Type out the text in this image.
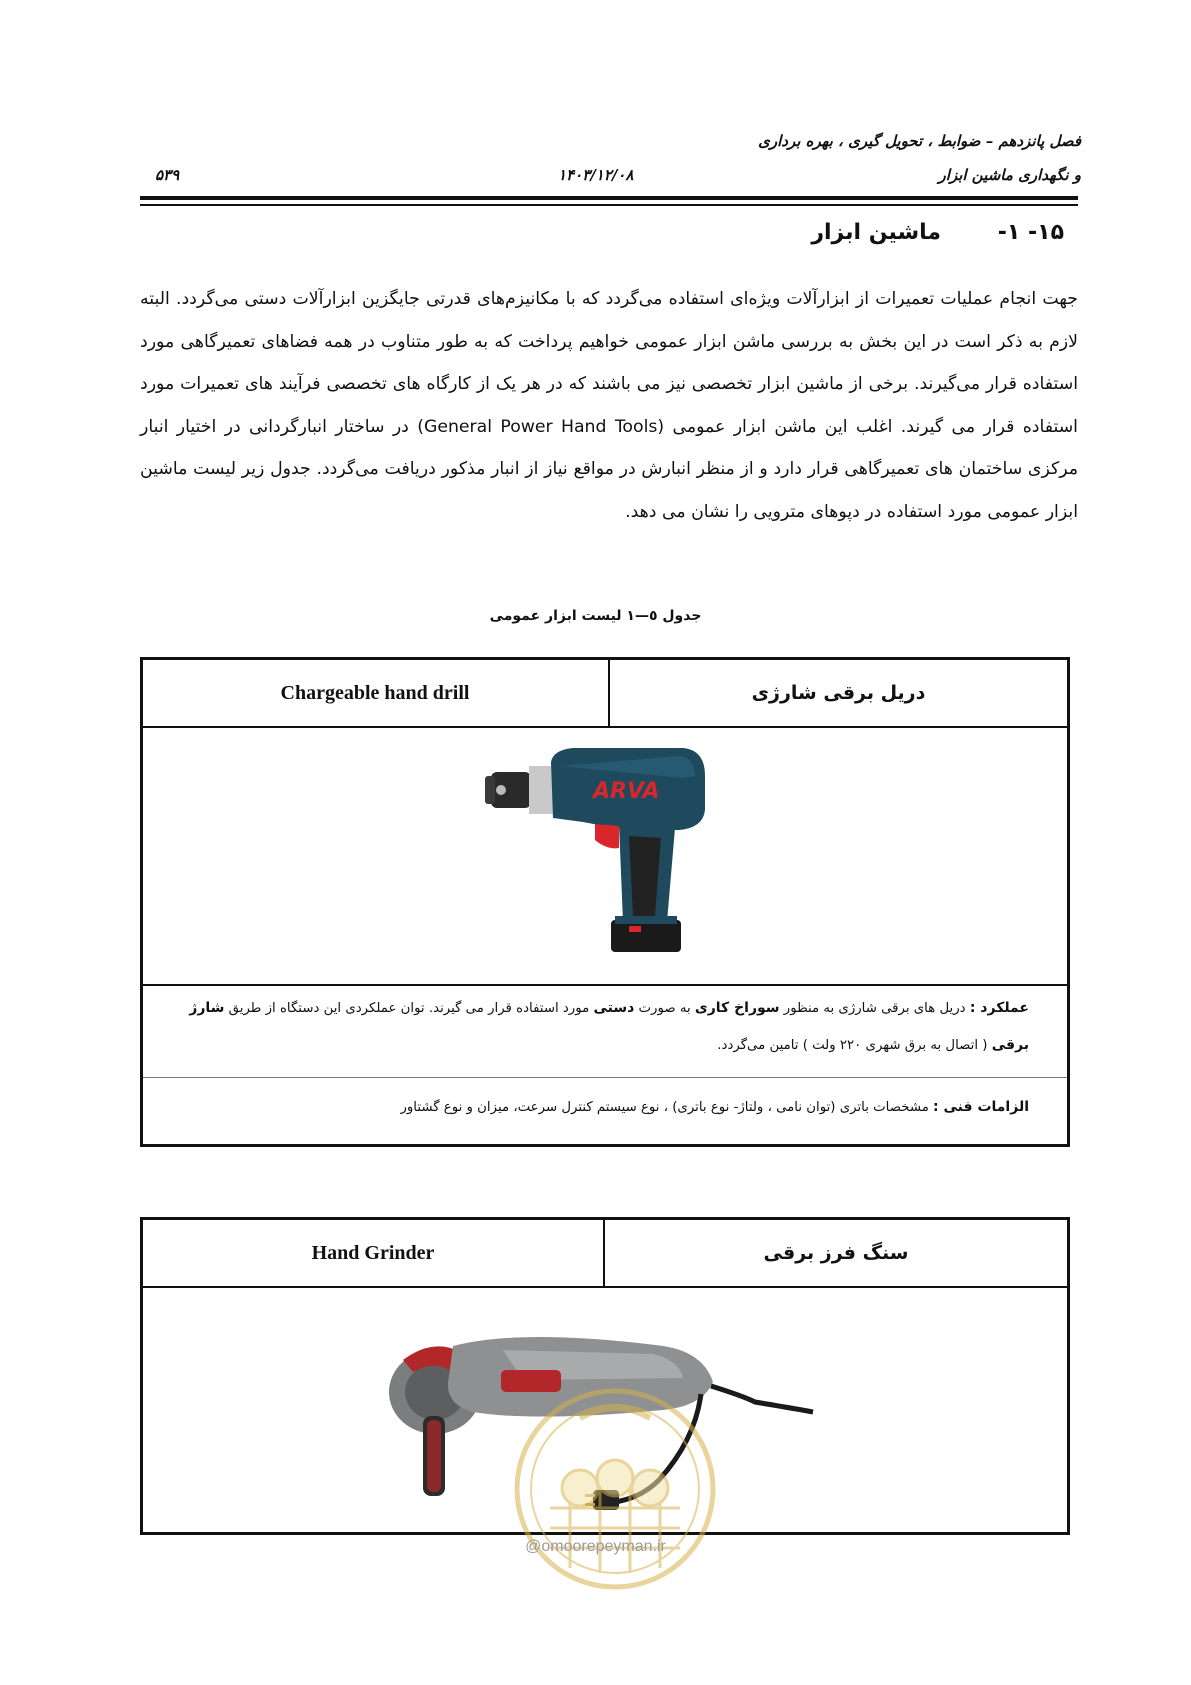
فصل پانزدهم – ضوابط ، تحویل گیری ، بهره برداری
و نگهداری ماشین ابزار
۱۴۰۳/۱۲/۰۸
۵۳۹
۱۵- ۱-
ماشین ابزار
جهت انجام عملیات تعمیرات از ابزارآلات ویژه‌ای استفاده می‌گردد که با مکانیزم‌های قدرتی جایگزین ابزارآلات دستی می‌گردد. البته لازم به ذکر است در این بخش به بررسی ماشن ابزار عمومی خواهیم پرداخت که به طور متناوب در همه فضاهای تعمیرگاهی مورد استفاده قرار می‌گیرند. برخی از ماشین ابزار تخصصی نیز می باشند که در هر یک از کارگاه های تخصصی فرآیند های تعمیرات مورد استفاده قرار می گیرند. اغلب این ماشن ابزار عمومی (General Power Hand Tools) در ساختار انبارگردانی در اختیار انبار مرکزی ساختمان های تعمیرگاهی قرار دارد و از منظر انبارش در مواقع نیاز از انبار مذکور دریافت می‌گردد. جدول زیر لیست ماشین ابزار عمومی مورد استفاده در دپوهای مترویی را نشان می دهد.
جدول ٥—١ لیست ابزار عمومی
Chargeable hand drill	دریل برقی شارژی
ARVA
عملکرد : دریل های برقی شارژی به منظور سوراخ کاری به صورت دستی مورد استفاده قرار می گیرند. توان عملکردی این دستگاه از طریق شارژ برقی ( اتصال به برق شهری ۲۲۰ ولت ) تامین می‌گردد.
الزامات فنی : مشخصات باتری (توان نامی ، ولتاژ- نوع باتری) ، نوع سیستم کنترل سرعت، میزان و نوع گشتاور
Hand Grinder	سنگ فرز برقی
@omoorepeyman.ir
